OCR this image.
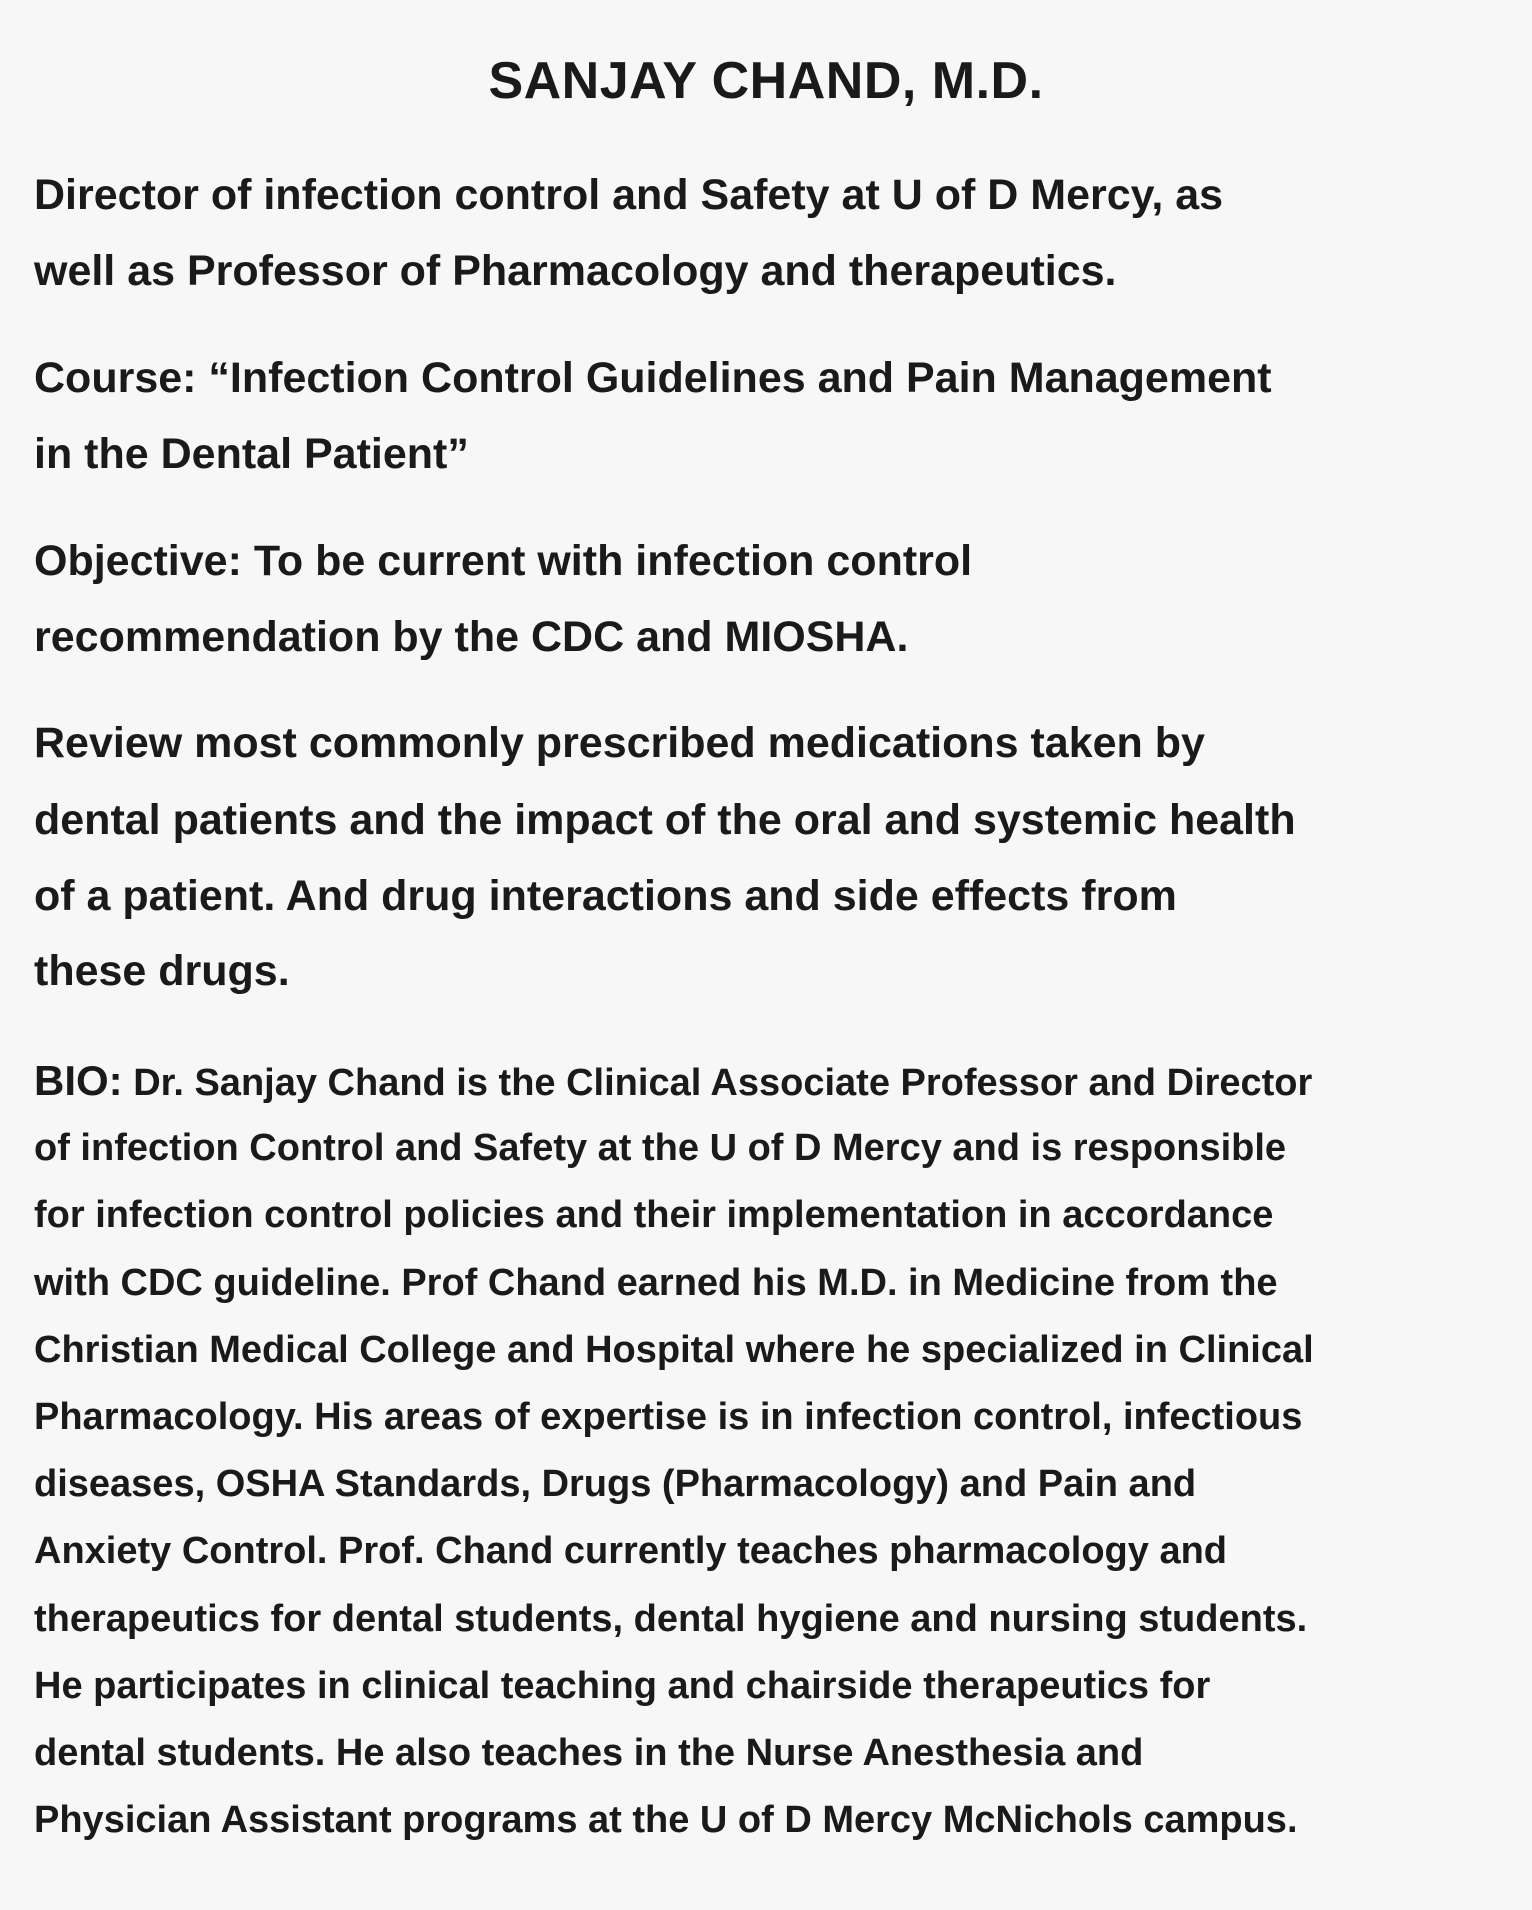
SANJAY CHAND, M.D.
Director of infection control and Safety at U of D Mercy, as
well as Professor of Pharmacology and therapeutics.
Course: “Infection Control Guidelines and Pain Management
in the Dental Patient”
Objective: To be current with infection control
recommendation by the CDC and MIOSHA.
Review most commonly prescribed medications taken by
dental patients and the impact of the oral and systemic health
of a patient. And drug interactions and side effects from
these drugs.
BIO: Dr. Sanjay Chand is the Clinical Associate Professor and Director
of infection Control and Safety at the U of D Mercy and is responsible
for infection control policies and their implementation in accordance
with CDC guideline. Prof Chand earned his M.D. in Medicine from the
Christian Medical College and Hospital where he specialized in Clinical
Pharmacology. His areas of expertise is in infection control, infectious
diseases, OSHA Standards, Drugs (Pharmacology) and Pain and
Anxiety Control. Prof. Chand currently teaches pharmacology and
therapeutics for dental students, dental hygiene and nursing students.
He participates in clinical teaching and chairside therapeutics for
dental students. He also teaches in the Nurse Anesthesia and
Physician Assistant programs at the U of D Mercy McNichols campus.
